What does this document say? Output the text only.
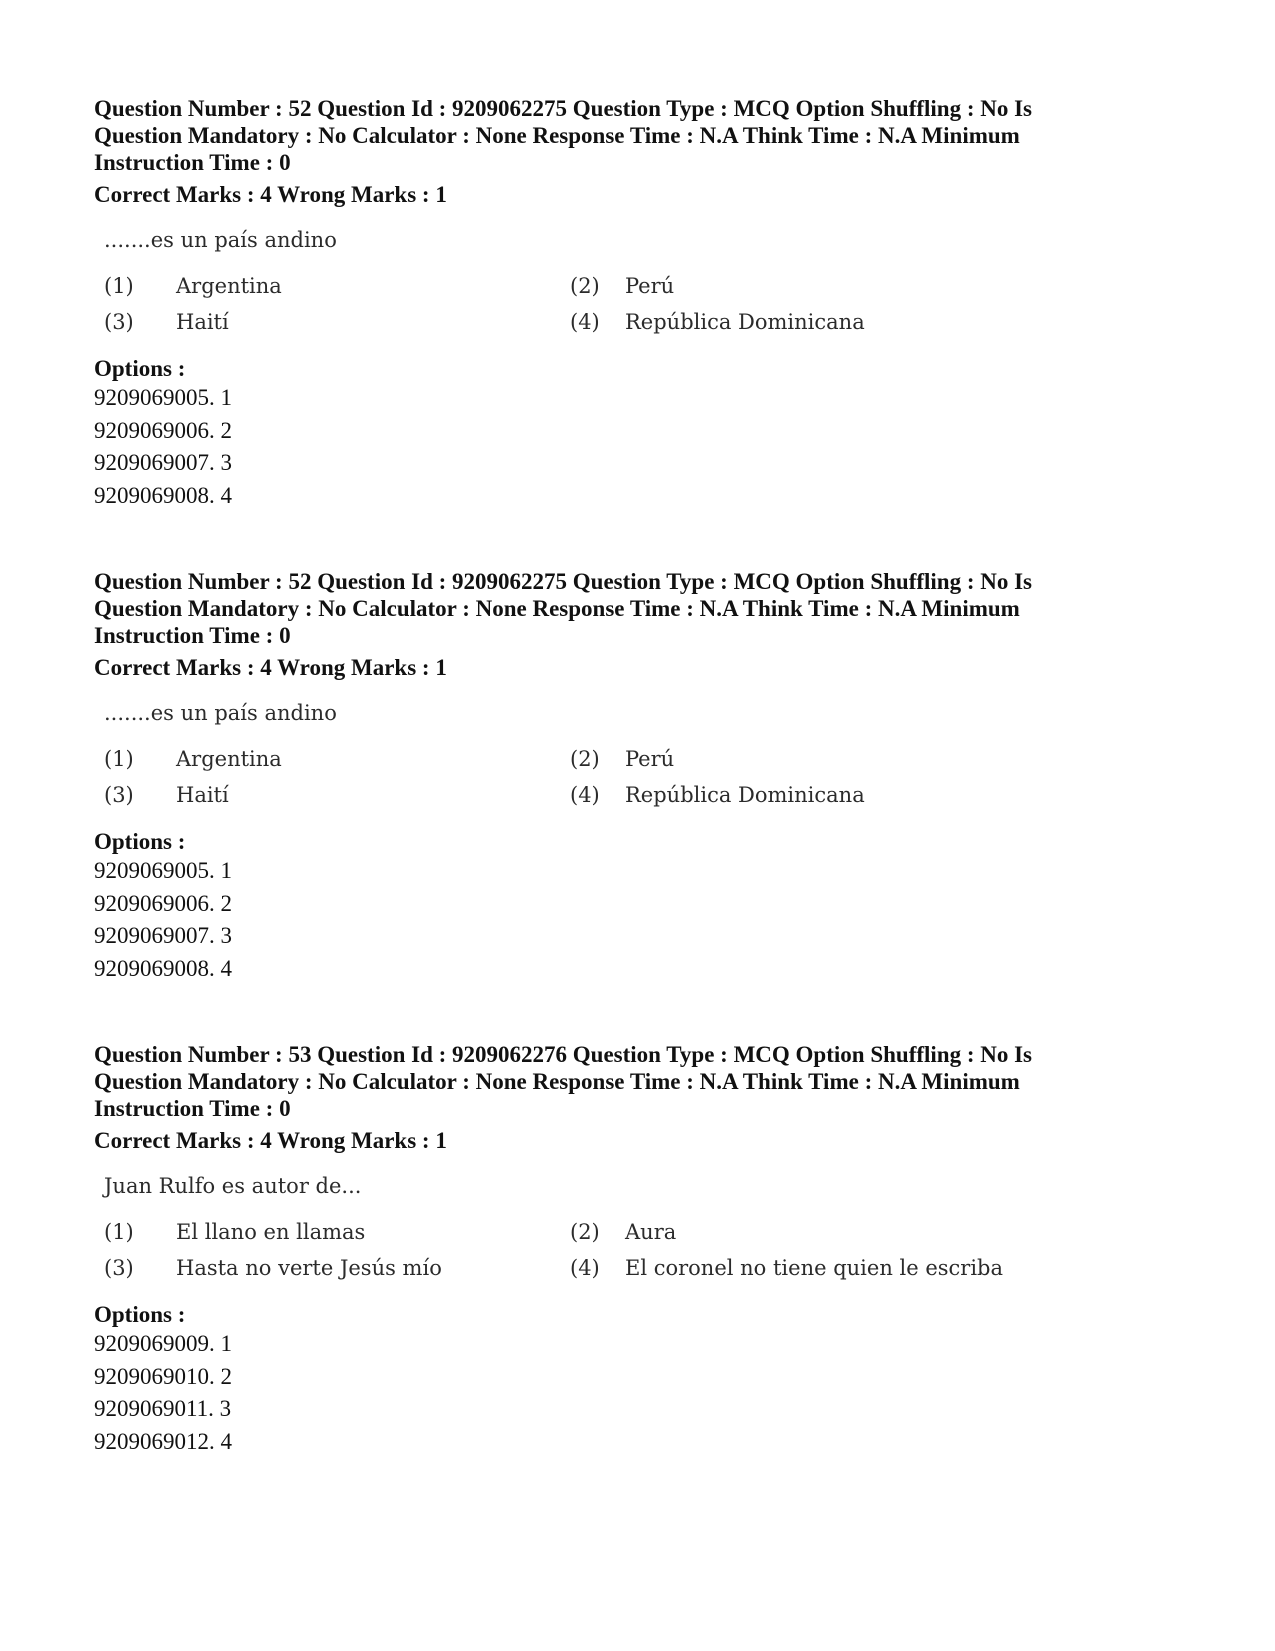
Question Number : 52 Question Id : 9209062275 Question Type : MCQ Option Shuffling : No Is Question Mandatory : No Calculator : None Response Time : N.A Think Time : N.A Minimum Instruction Time : 0

Correct Marks : 4 Wrong Marks : 1
.......es un país andino
(1) Argentina	(2) Perú
(3) Haití	(4) República Dominicana
Options :
9209069005. 1
9209069006. 2
9209069007. 3
9209069008. 4

Question Number : 52 Question Id : 9209062275 Question Type : MCQ Option Shuffling : No Is Question Mandatory : No Calculator : None Response Time : N.A Think Time : N.A Minimum Instruction Time : 0

Correct Marks : 4 Wrong Marks : 1
.......es un país andino
(1) Argentina	(2) Perú
(3) Haití	(4) República Dominicana
Options :
9209069005. 1
9209069006. 2
9209069007. 3
9209069008. 4

Question Number : 53 Question Id : 9209062276 Question Type : MCQ Option Shuffling : No Is Question Mandatory : No Calculator : None Response Time : N.A Think Time : N.A Minimum Instruction Time : 0

Correct Marks : 4 Wrong Marks : 1
Juan Rulfo es autor de...
(1) El llano en llamas	(2) Aura
(3) Hasta no verte Jesús mío	(4) El coronel no tiene quien le escriba
Options :
9209069009. 1
9209069010. 2
9209069011. 3
9209069012. 4
